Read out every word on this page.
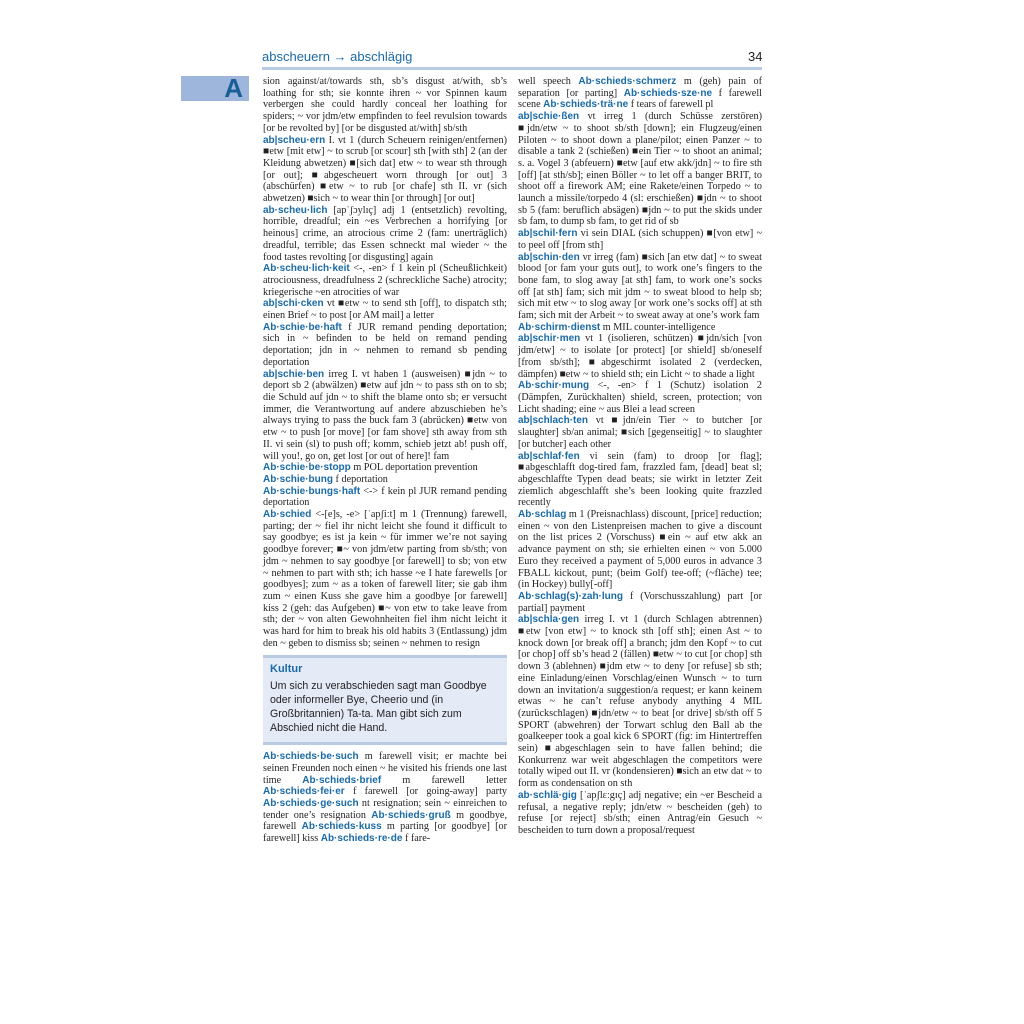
abscheuern → abschlägig	34
A sion against/at/towards sth, sb’s disgust at/with, sb’s loathing for sth; sie konnte ihren ~ vor Spinnen kaum verbergen she could hardly conceal her loathing for spiders; ~ vor jdm/etw empfinden to feel revulsion towards [or be revolted by] [or be disgusted at/with] sb/sth
ab|scheu·ern I. vt 1 (durch Scheuern reinigen/entfernen) ■etw [mit etw] ~ to scrub [or scour] sth [with sth] 2 (an der Kleidung abwetzen) ■[sich dat] etw ~ to wear sth through [or out]; ■abgescheuert worn through [or out] 3 (abschürfen) ■etw ~ to rub [or chafe] sth II. vr (sich abwetzen) ■sich ~ to wear thin [or through] [or out]
ab·scheu·lich [apˈʃɔylɪç] adj 1 (entsetzlich) revolting, horrible, dreadful; ein ~es Verbrechen a horrifying [or heinous] crime, an atrocious crime 2 (fam: unerträglich) dreadful, terrible; das Essen schneckt mal wieder ~ the food tastes revolting [or disgusting] again
Ab·scheu·lich·keit <-, -en> f 1 kein pl (Scheußlichkeit) atrociousness, dreadfulness 2 (schreckliche Sache) atrocity; kriegerische ~en atrocities of war
ab|schi·cken vt ■etw ~ to send sth [off], to dispatch sth; einen Brief ~ to post [or AM mail] a letter
Ab·schie·be·haft f JUR remand pending deportation; sich in ~ befinden to be held on remand pending deportation; jdn in ~ nehmen to remand sb pending deportation
ab|schie·ben irreg I. vt haben 1 (ausweisen) ■jdn ~ to deport sb 2 (abwälzen) ■etw auf jdn ~ to pass sth on to sb; die Schuld auf jdn ~ to shift the blame onto sb; er versucht immer, die Verantwortung auf andere abzuschieben he’s always trying to pass the buck fam 3 (abrücken) ■etw von etw ~ to push [or move] [or fam shove] sth away from sth II. vi sein (sl) to push off; komm, schieb jetzt ab! push off, will you!, go on, get lost [or out of here]! fam
Ab·schie·be·stopp m POL deportation prevention
Ab·schie·bung f deportation
Ab·schie·bungs·haft <-> f kein pl JUR remand pending deportation
Ab·schied <-[e]s, -e> [ˈapʃiːt] m 1 (Trennung) farewell, parting; der ~ fiel ihr nicht leicht she found it difficult to say goodbye; es ist ja kein ~ für immer we’re not saying goodbye forever; ■~ von jdm/etw parting from sb/sth; von jdm ~ nehmen to say goodbye [or farewell] to sb; von etw ~ nehmen to part with sth; ich hasse ~e I hate farewells [or goodbyes]; zum ~ as a token of farewell liter; sie gab ihm zum ~ einen Kuss she gave him a goodbye [or farewell] kiss 2 (geh: das Aufgeben) ■~ von etw to take leave from sth; der ~ von alten Gewohnheiten fiel ihm nicht leicht it was hard for him to break his old habits 3 (Entlassung) jdm den ~ geben to dismiss sb; seinen ~ nehmen to resign
Kultur
Um sich zu verabschieden sagt man Goodbye oder informeller Bye, Cheerio und (in Großbritannien) Ta-ta. Man gibt sich zum Abschied nicht die Hand.
Ab·schieds·be·such m farewell visit; er machte bei seinen Freunden noch einen ~ he visited his friends one last time Ab·schieds·brief m farewell letter Ab·schieds·fei·er f farewell [or going-away] party Ab·schieds·ge·such nt resignation; sein ~ einreichen to tender one’s resignation Ab·schieds·gruß m goodbye, farewell Ab·schieds·kuss m parting [or goodbye] [or farewell] kiss Ab·schieds·re·de f fare-
well speech Ab·schieds·schmerz m (geh) pain of separation [or parting] Ab·schieds·sze·ne f farewell scene Ab·schieds·trä·ne f tears of farewell pl
ab|schie·ßen vt irreg 1 (durch Schüsse zerstören) ■jdn/etw ~ to shoot sb/sth [down]; ein Flugzeug/einen Piloten ~ to shoot down a plane/pilot; einen Panzer ~ to disable a tank 2 (schießen) ■ein Tier ~ to shoot an animal; s. a. Vogel 3 (abfeuern) ■etw [auf etw akk/jdn] ~ to fire sth [off] [at sth/sb]; einen Böller ~ to let off a banger BRIT, to shoot off a firework AM; eine Rakete/einen Torpedo ~ to launch a missile/torpedo 4 (sl: erschießen) ■jdn ~ to shoot sb 5 (fam: beruflich absägen) ■jdn ~ to put the skids under sb fam, to dump sb fam, to get rid of sb
ab|schil·fern vi sein DIAL (sich schuppen) ■[von etw] ~ to peel off [from sth]
ab|schin·den vr irreg (fam) ■sich [an etw dat] ~ to sweat blood [or fam your guts out], to work one’s fingers to the bone fam, to slog away [at sth] fam, to work one’s socks off [at sth] fam; sich mit jdm ~ to sweat blood to help sb; sich mit etw ~ to slog away [or work one’s socks off] at sth fam; sich mit der Arbeit ~ to sweat away at one’s work fam
Ab·schirm·dienst m MIL counter-intelligence
ab|schir·men vt 1 (isolieren, schützen) ■jdn/sich [von jdm/etw] ~ to isolate [or protect] [or shield] sb/oneself [from sb/sth]; ■abgeschirmt isolated 2 (verdecken, dämpfen) ■etw ~ to shield sth; ein Licht ~ to shade a light
Ab·schir·mung <-, -en> f 1 (Schutz) isolation 2 (Dämpfen, Zurückhalten) shield, screen, protection; von Licht shading; eine ~ aus Blei a lead screen
ab|schlach·ten vt ■jdn/ein Tier ~ to butcher [or slaughter] sb/an animal; ■sich [gegenseitig] ~ to slaughter [or butcher] each other
ab|schlaf·fen vi sein (fam) to droop [or flag]; ■abgeschlafft dog-tired fam, frazzled fam, [dead] beat sl; abgeschlaffte Typen dead beats; sie wirkt in letzter Zeit ziemlich abgeschlafft she’s been looking quite frazzled recently
Ab·schlag m 1 (Preisnachlass) discount, [price] reduction; einen ~ von den Listenpreisen machen to give a discount on the list prices 2 (Vorschuss) ■ein ~ auf etw akk an advance payment on sth; sie erhielten einen ~ von 5.000 Euro they received a payment of 5,000 euros in advance 3 FBALL kickout, punt; (beim Golf) tee-off; (~fläche) tee; (in Hockey) bully[-off]
Ab·schlag(s)·zah·lung f (Vorschusszahlung) part [or partial] payment
ab|schla·gen irreg I. vt 1 (durch Schlagen abtrennen) ■etw [von etw] ~ to knock sth [off sth]; einen Ast ~ to knock down [or break off] a branch; jdm den Kopf ~ to cut [or chop] off sb’s head 2 (fällen) ■etw ~ to cut [or chop] sth down 3 (ablehnen) ■jdm etw ~ to deny [or refuse] sb sth; eine Einladung/einen Vorschlag/einen Wunsch ~ to turn down an invitation/a suggestion/a request; er kann keinem etwas ~ he can’t refuse anybody anything 4 MIL (zurückschlagen) ■jdn/etw ~ to beat [or drive] sb/sth off 5 SPORT (abwehren) der Torwart schlug den Ball ab the goalkeeper took a goal kick 6 SPORT (fig: im Hintertreffen sein) ■abgeschlagen sein to have fallen behind; die Konkurrenz war weit abgeschlagen the competitors were totally wiped out II. vr (kondensieren) ■sich an etw dat ~ to form as condensation on sth
ab·schlä·gig [ˈapʃlɛːgɪç] adj negative; ein ~er Bescheid a refusal, a negative reply; jdn/etw ~ bescheiden (geh) to refuse [or reject] sb/sth; einen Antrag/ein Gesuch ~ bescheiden to turn down a proposal/request
